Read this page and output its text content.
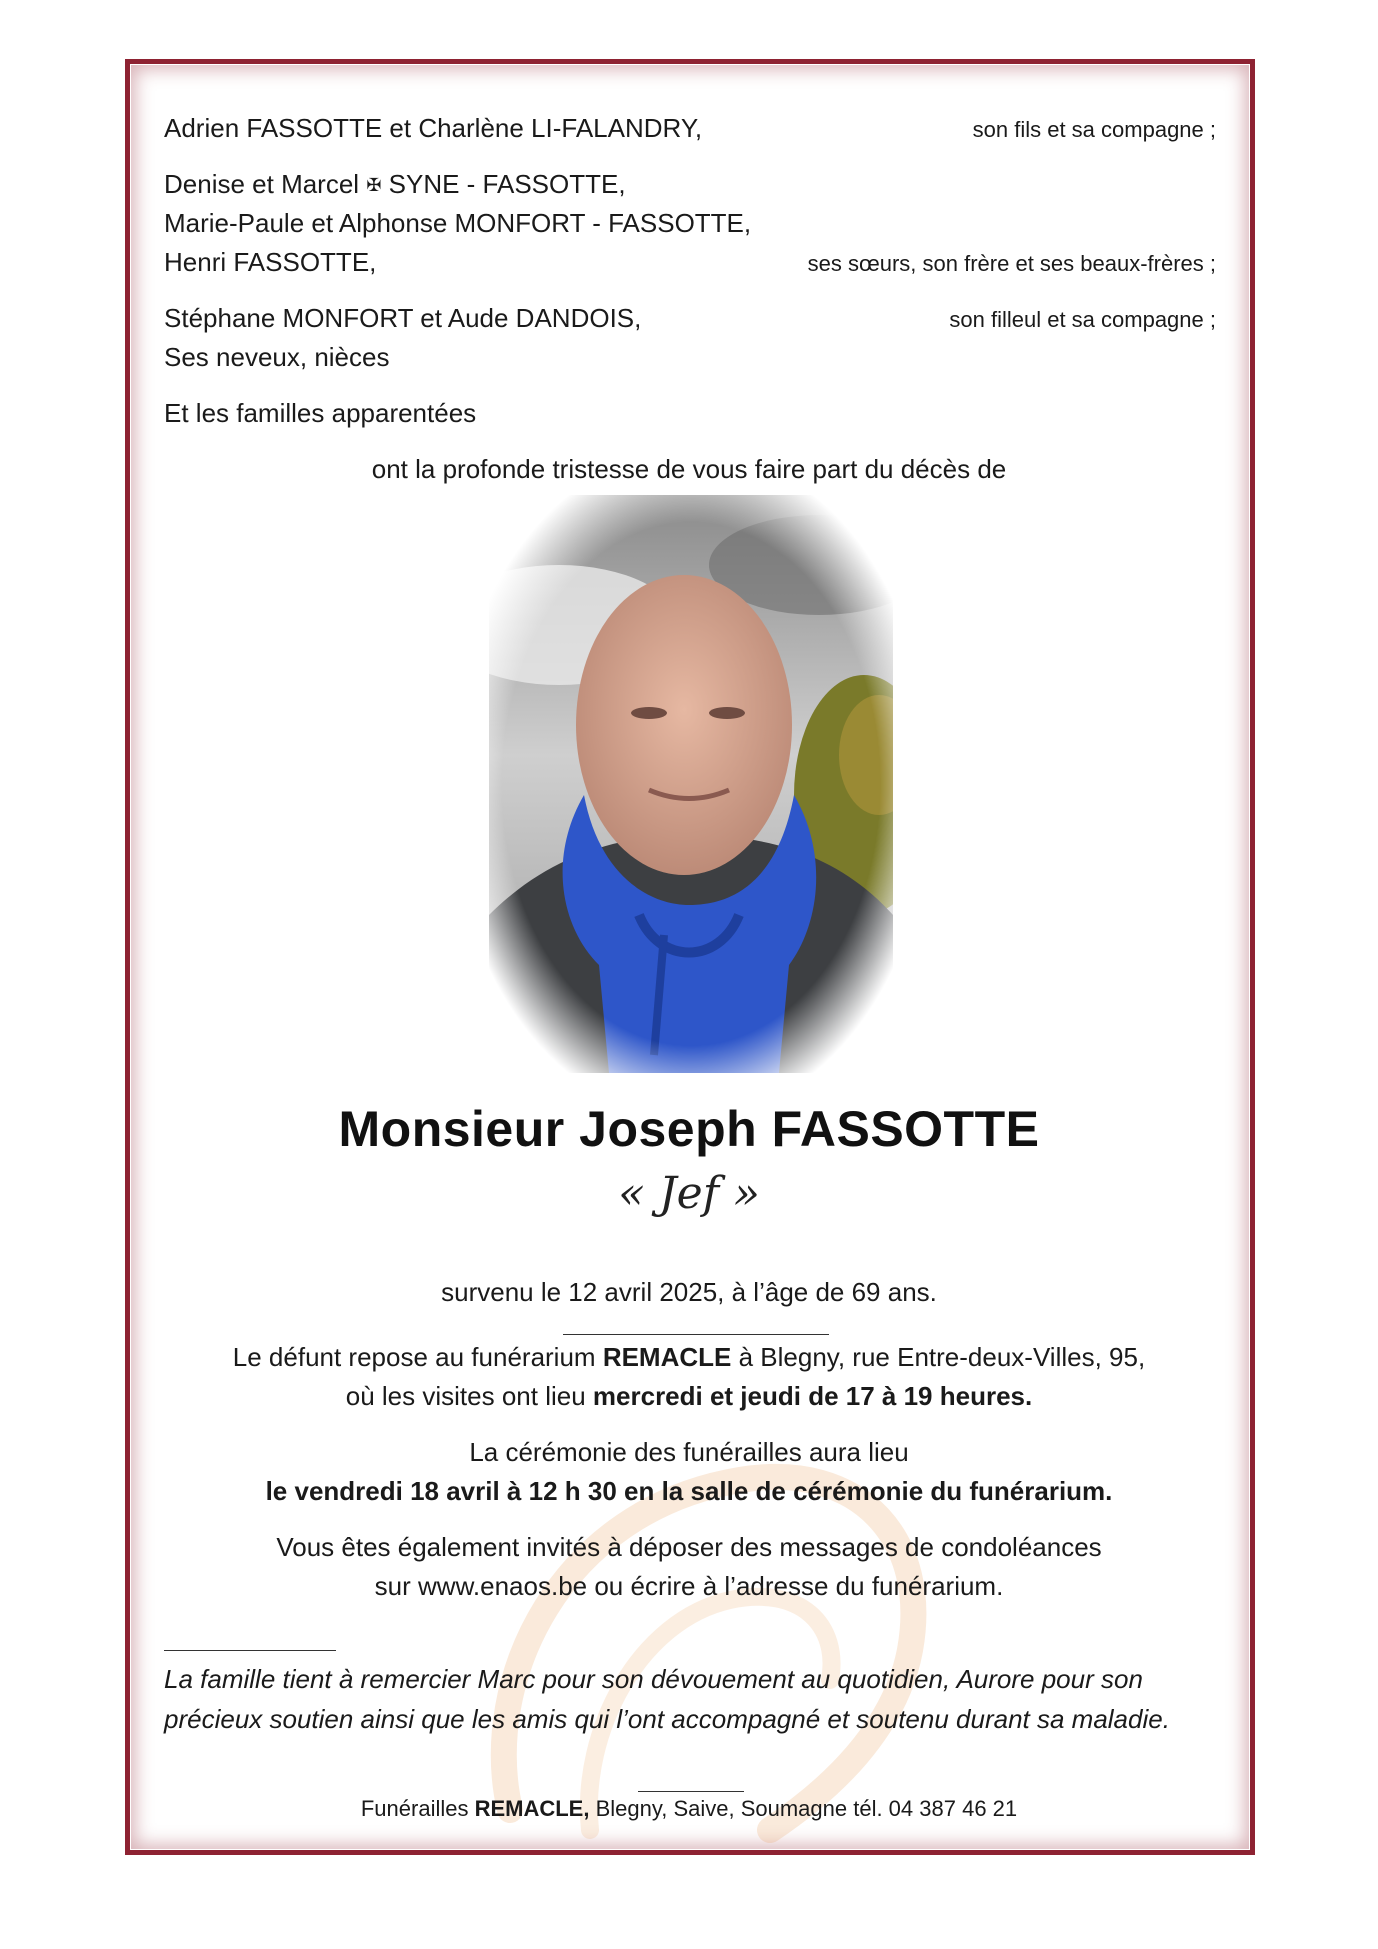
Adrien FASSOTTE et Charlène LI-FALANDRY,	son fils et sa compagne ;
Denise et Marcel ✠ SYNE - FASSOTTE,
Marie-Paule et Alphonse MONFORT - FASSOTTE,
Henri FASSOTTE,	ses sœurs, son frère et ses beaux-frères ;
Stéphane MONFORT et Aude DANDOIS,	son filleul et sa compagne ;
Ses neveux, nièces
Et les familles apparentées
ont la profonde tristesse de vous faire part du décès de
Monsieur Joseph FASSOTTE
« Jef »
survenu le 12 avril 2025, à l’âge de 69 ans.
Le défunt repose au funérarium REMACLE à Blegny, rue Entre-deux-Villes, 95,
où les visites ont lieu mercredi et jeudi de 17 à 19 heures.
La cérémonie des funérailles aura lieu
le vendredi 18 avril à 12 h 30 en la salle de cérémonie du funérarium.
Vous êtes également invités à déposer des messages de condoléances
sur www.enaos.be ou écrire à l’adresse du funérarium.
La famille tient à remercier Marc pour son dévouement au quotidien, Aurore pour son précieux soutien ainsi que les amis qui l’ont accompagné et soutenu durant sa maladie.
Funérailles REMACLE, Blegny, Saive, Soumagne tél. 04 387 46 21
